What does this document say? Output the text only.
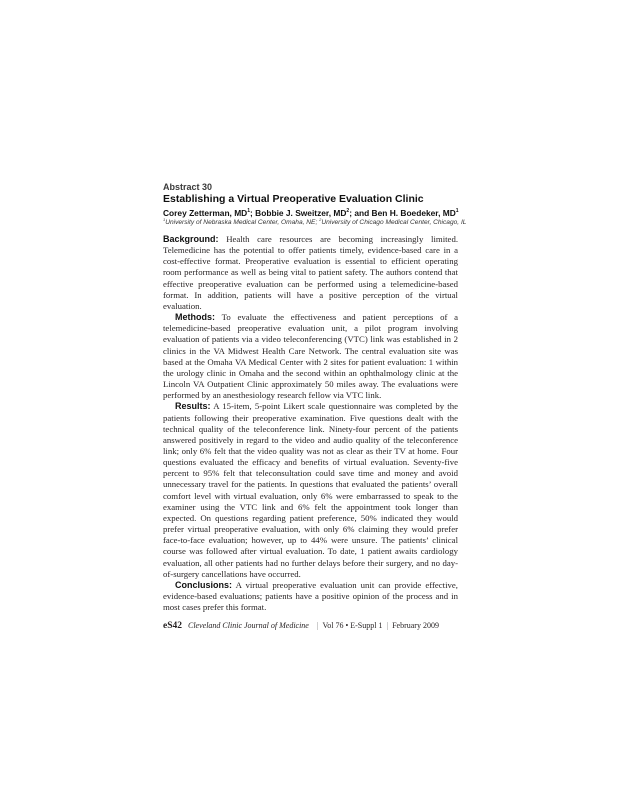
Abstract 30
Establishing a Virtual Preoperative Evaluation Clinic
Corey Zetterman, $MD^1$; Bobbie J. Sweitzer, $MD^2$; and Ben H. Boedeker, $MD^1$
$^1$University of Nebraska Medical Center, Omaha, NE; $^2$University of Chicago Medical Center, Chicago, IL

Background: Health care resources are becoming increasingly limited. Telemedicine has the potential to offer patients timely, evidence-based care in a cost-effective format. Preoperative evaluation is essential to efficient operating room performance as well as being vital to patient safety. The authors contend that effective preoperative evaluation can be performed using a telemedicine-based format. In addition, patients will have a positive perception of the virtual evaluation.

Methods: To evaluate the effectiveness and patient perceptions of a telemedicine-based preoperative evaluation unit, a pilot program involving evaluation of patients via a video teleconferencing (VTC) link was established in 2 clinics in the VA Midwest Health Care Network. The central evaluation site was based at the Omaha VA Medical Center with 2 sites for patient evaluation: 1 within the urology clinic in Omaha and the second within an ophthalmology clinic at the Lincoln VA Outpatient Clinic approximately 50 miles away. The evaluations were performed by an anesthesiology research fellow via VTC link.

Results: A 15-item, 5-point Likert scale questionnaire was completed by the patients following their preoperative examination. Five questions dealt with the technical quality of the teleconference link. Ninety-four percent of the patients answered positively in regard to the video and audio quality of the teleconference link; only 6% felt that the video quality was not as clear as their TV at home. Four questions evaluated the efficacy and benefits of virtual evaluation. Seventy-five percent to 95% felt that teleconsultation could save time and money and avoid unnecessary travel for the patients. In questions that evaluated the patients’ overall comfort level with virtual evaluation, only 6% were embarrassed to speak to the examiner using the VTC link and 6% felt the appointment took longer than expected. On questions regarding patient preference, 50% indicated they would prefer virtual preoperative evaluation, with only 6% claiming they would prefer face-to-face evaluation; however, up to 44% were unsure. The patients’ clinical course was followed after virtual evaluation. To date, 1 patient awaits cardiology evaluation, all other patients had no further delays before their surgery, and no day-of-surgery cancellations have occurred.

Conclusions: A virtual preoperative evaluation unit can provide effective, evidence-based evaluations; patients have a positive opinion of the process and in most cases prefer this format.

eS42 Cleveland Clinic Journal of Medicine | Vol 76 • E-Suppl 1 | February 2009
